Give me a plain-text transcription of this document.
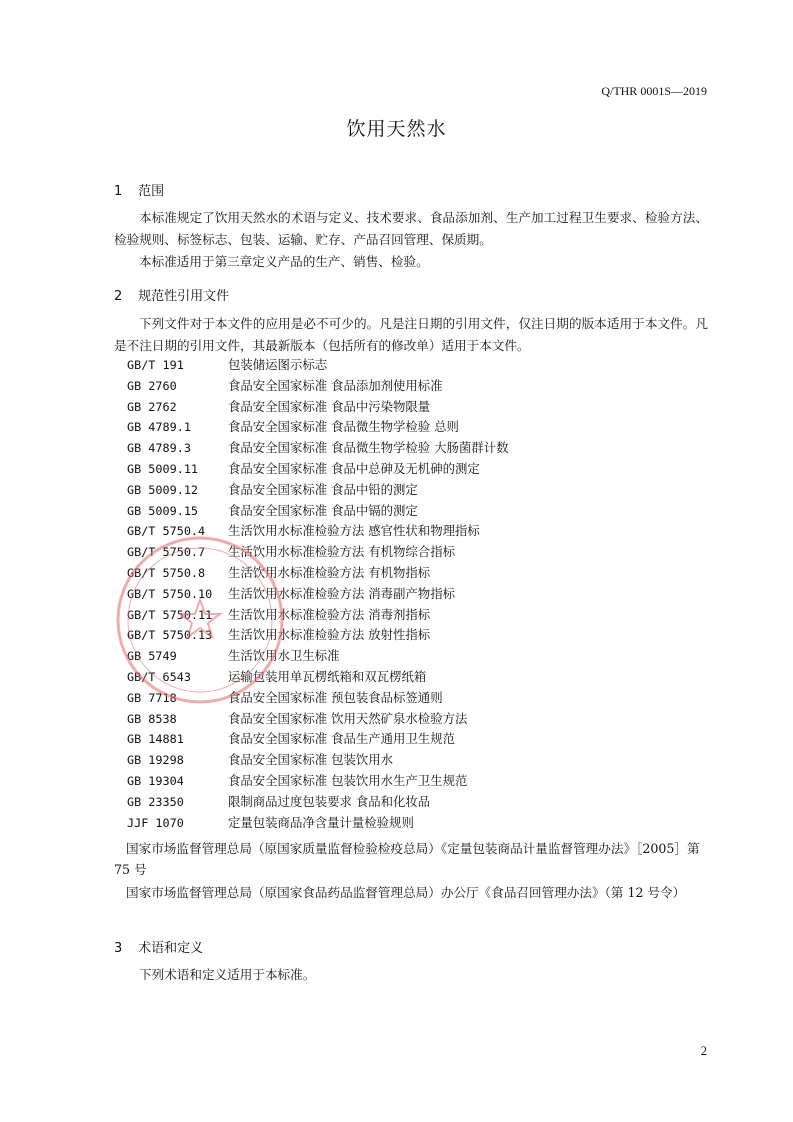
Q/THR 0001S—2019
饮用天然水
1 范围
本标准规定了饮用天然水的术语与定义、技术要求、食品添加剂、生产加工过程卫生要求、检验方法、检验规则、标签标志、包装、运输、贮存、产品召回管理、保质期。
本标准适用于第三章定义产品的生产、销售、检验。
2 规范性引用文件
下列文件对于本文件的应用是必不可少的。凡是注日期的引用文件，仅注日期的版本适用于本文件。凡是不注日期的引用文件，其最新版本（包括所有的修改单）适用于本文件。
GB/T 191	包装储运图示标志
GB 2760	食品安全国家标准 食品添加剂使用标准
GB 2762	食品安全国家标准 食品中污染物限量
GB 4789.1	食品安全国家标准 食品微生物学检验 总则
GB 4789.3	食品安全国家标准 食品微生物学检验 大肠菌群计数
GB 5009.11 食品安全国家标准 食品中总砷及无机砷的测定
GB 5009.12 食品安全国家标准 食品中铅的测定
GB 5009.15 食品安全国家标准 食品中镉的测定
GB/T 5750.4 生活饮用水标准检验方法 感官性状和物理指标
GB/T 5750.7 生活饮用水标准检验方法 有机物综合指标
GB/T 5750.8 生活饮用水标准检验方法 有机物指标
GB/T 5750.10 生活饮用水标准检验方法 消毒副产物指标
GB/T 5750.11 生活饮用水标准检验方法 消毒剂指标
GB/T 5750.13 生活饮用水标准检验方法 放射性指标
GB 5749	生活饮用水卫生标准
GB/T 6543	运输包装用单瓦楞纸箱和双瓦楞纸箱
GB 7718	食品安全国家标准 预包装食品标签通则
GB 8538	食品安全国家标准 饮用天然矿泉水检验方法
GB 14881	食品安全国家标准 食品生产通用卫生规范
GB 19298	食品安全国家标准 包装饮用水
GB 19304	食品安全国家标准 包装饮用水生产卫生规范
GB 23350	限制商品过度包装要求 食品和化妆品
JJF 1070	定量包装商品净含量计量检验规则
国家市场监督管理总局（原国家质量监督检验检疫总局）《定量包装商品计量监督管理办法》［2005］第 75 号
国家市场监督管理总局（原国家食品药品监督管理总局）办公厅《食品召回管理办法》（第 12 号令）
3 术语和定义
下列术语和定义适用于本标准。
2
